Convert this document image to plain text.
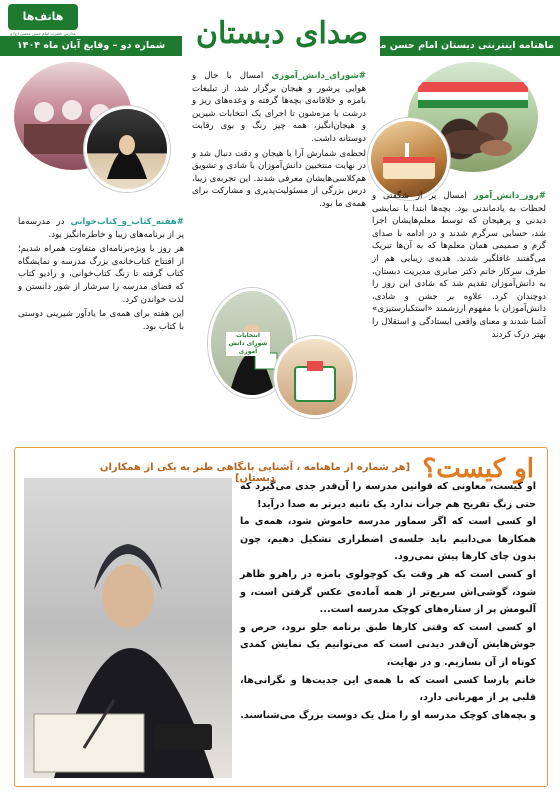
هاتف‌ها
مدارس حضرت امام حسن مجتبی (ع) و
شماره دو – وقایع آبان ماه ۱۴۰۴	صدای دبستان
ماهنامه اینترنتی دبستان امام حسن مجتبی
انتخابات شورای دانش آموزی

#روز_دانش_آموز امسال پر از شگفتی و لحظات به یادماندنی بود. بچه‌ها ابتدا با نمایشی دیدنی و پرهیجان که توسط معلم‌هایشان اجرا شد، حسابی سرگرم شدند و در ادامه با صدای گرم و صمیمی همان معلم‌ها که به آن‌ها تبریک می‌گفتند غافلگیر شدند. هدیه‌ی زیبایی هم از طرف سرکار خانم دکتر صابری مدیریت دبستان، به دانش‌آموزان تقدیم شد که شادی این روز را دوچندان کرد. علاوه بر جشن و شادی، دانش‌آموزان با مفهوم ارزشمند «استکبارستیزی» آشنا شدند و معنای واقعی ایستادگی و استقلال را بهتر درک کردند

#شورای_دانش_آموزی امسال با حال و هوایی پرشور و هیجان برگزار شد. از تبلیغات بامزه و خلاقانه‌ی بچه‌ها گرفته و وعده‌های ریز و درشت با مزه‌شون تا اجرای یک انتخابات شیرین و هیجان‌انگیز، همه چیز رنگ و بوی رقابت دوستانه داشت.

لحظه‌ی شمارش آرا با هیجان و دقت دنبال شد و در نهایت منتخبین دانش‌آموزان با شادی و تشویق هم‌کلاسی‌هایشان معرفی شدند. این تجربه‌ی زیبا، درس بزرگی از مسئولیت‌پذیری و مشارکت برای همه‌ی ما بود.

#هفته_کتاب_و_کتاب‌خوانی در مدرسه‌ما پر از برنامه‌های زیبا و خاطره‌انگیز بود.

هر روز با ویژه‌برنامه‌ای متفاوت همراه شدیم؛ از افتتاح کتاب‌خانه‌ی بزرگ مدرسه و نمایشگاه کتاب گرفته تا زنگ کتاب‌خوانی، و رادیو کتاب که فضای مدرسه را سرشار از شور دانستن و لذت خواندن کرد.

این هفته برای همه‌ی ما یادآور شیرینی دوستی با کتاب بود.

او کیست؟
[هر شماره از ماهنامه ، آشنایی بانگاهی طنز به یکی از همکاران دبستان]

او کیست، معاونی که قوانین مدرسه را آن‌قدر جدی می‌گیرد که حتی زنگ تفریح هم جرأت ندارد یک ثانیه دیرتر به صدا درآید!

او کسی است که اگر سماور مدرسه خاموش شود، همه‌ی ما همکارها می‌دانیم باید جلسه‌ی اضطراری تشکیل دهیم، چون بدون چای کارها پیش نمی‌رود.

او کسی است که هر وقت یک کوچولوی بامزه در راهرو ظاهر شود، گوشی‌اش سریع‌تر از همه آماده‌ی عکس گرفتن است، و آلبومش پر از ستاره‌های کوچک مدرسه است...

او کسی است که وقتی کارها طبق برنامه جلو نرود، حرص و جوش‌هایش آن‌قدر دیدنی است که می‌توانیم یک نمایش کمدی کوتاه از آن بسازیم. و در نهایت،

خانم پارسا کسی است که با همه‌ی این جدیت‌ها و نگرانی‌ها، قلبی پر از مهربانی دارد،

و بچه‌های کوچک مدرسه او را مثل یک دوست بزرگ می‌شناسند.
